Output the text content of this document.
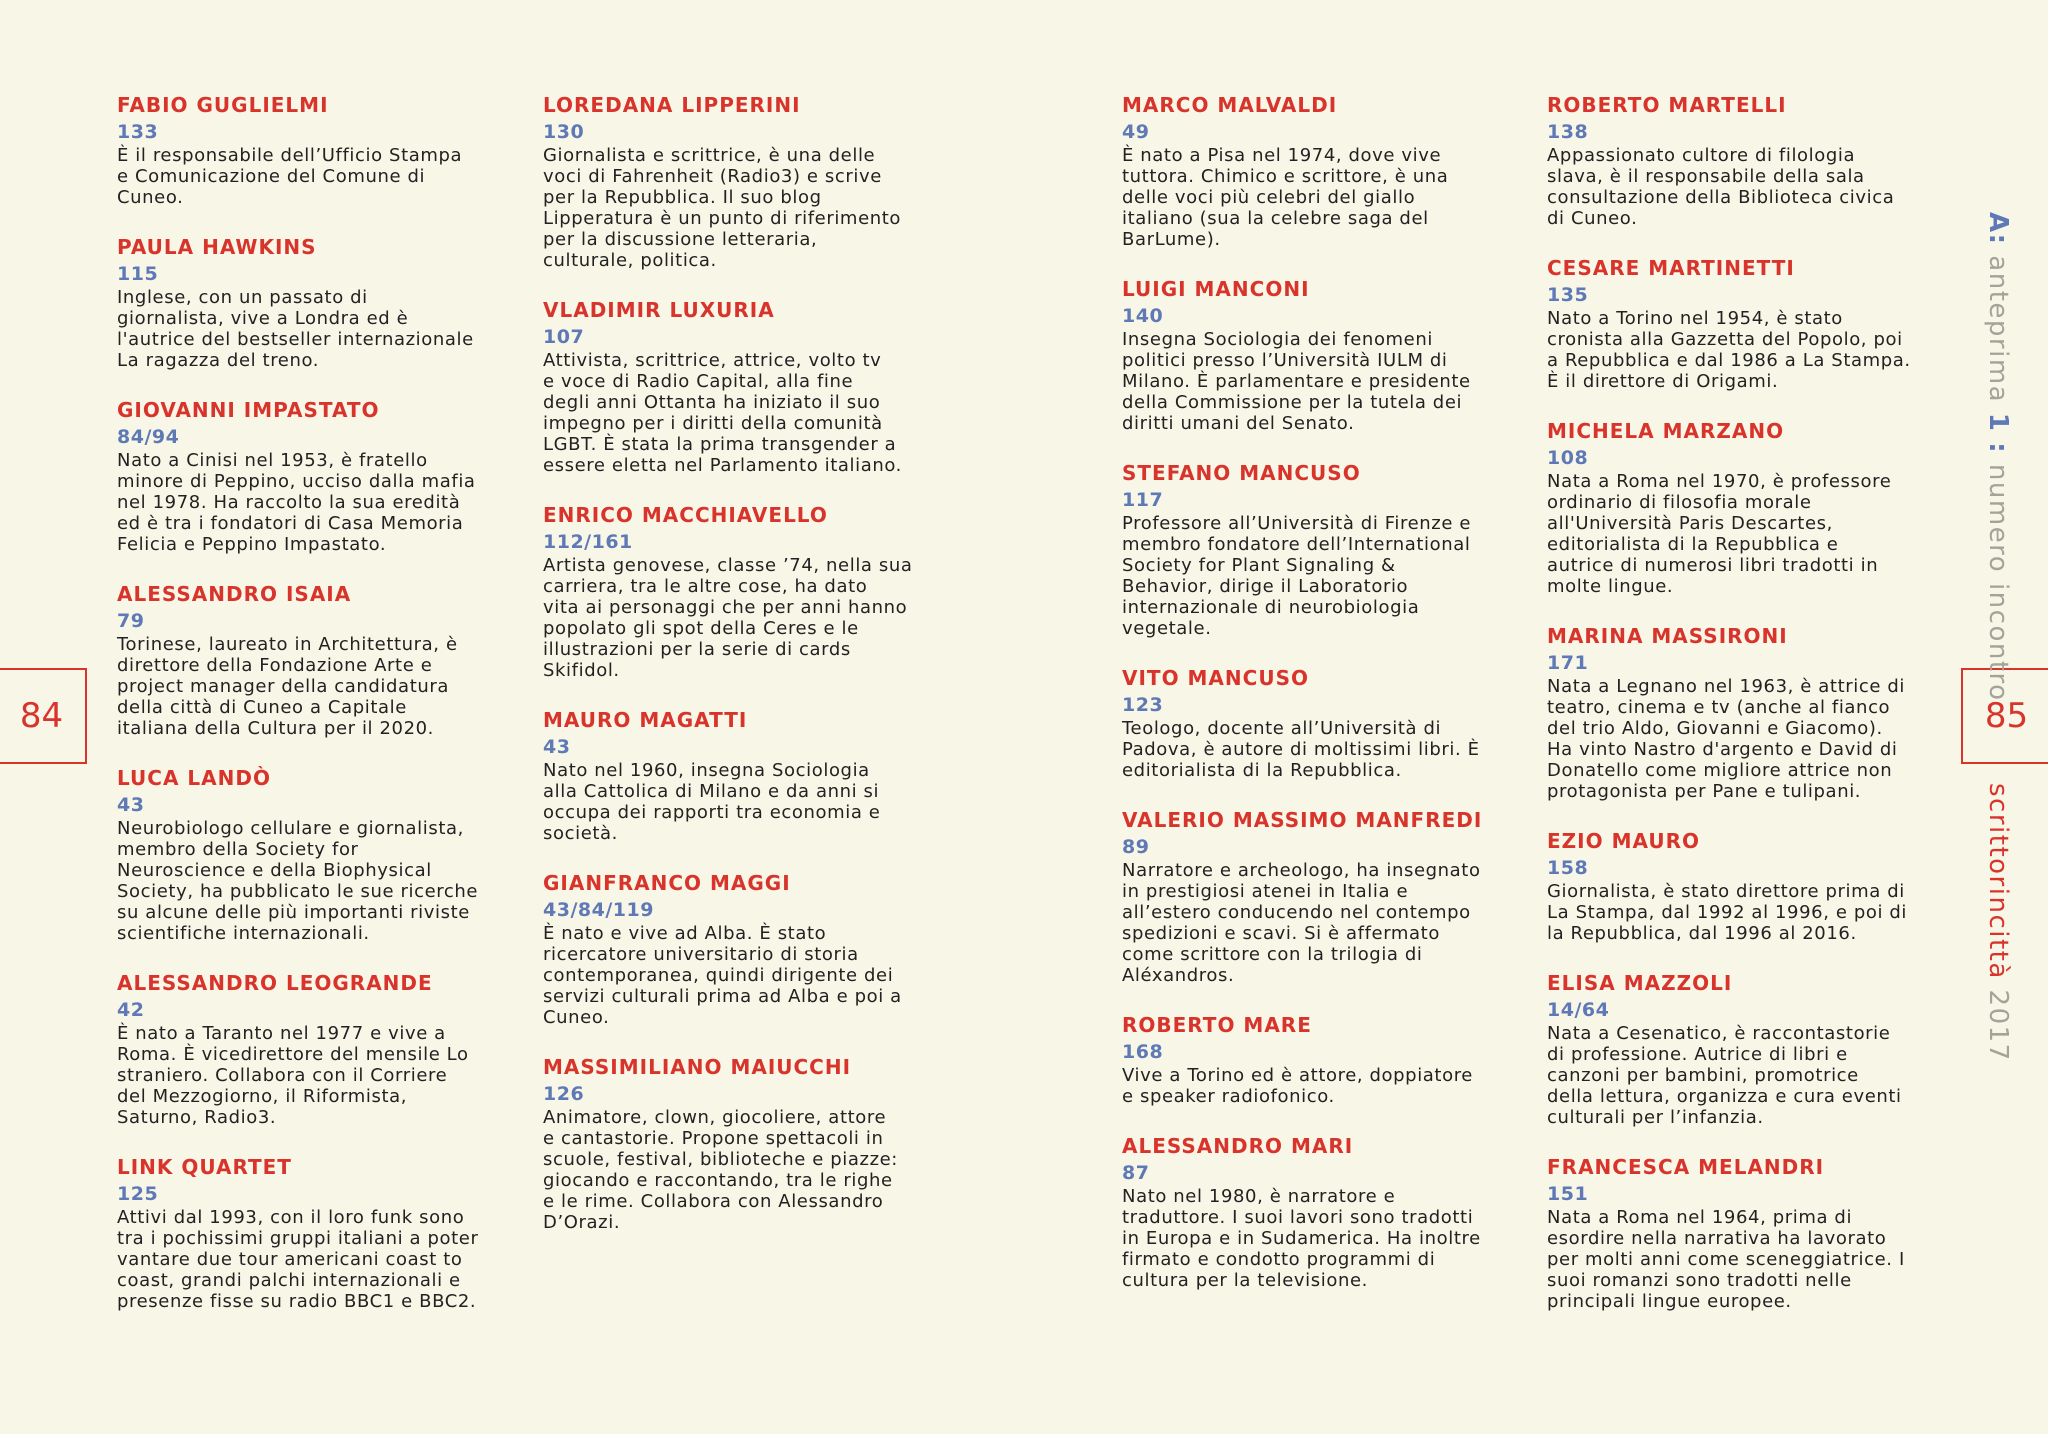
FABIO GUGLIELMI
133
È il responsabile dell’Ufficio Stampa
e Comunicazione del Comune di
Cuneo.
PAULA HAWKINS
115
Inglese, con un passato di
giornalista, vive a Londra ed è
l'autrice del bestseller internazionale
La ragazza del treno.
GIOVANNI IMPASTATO
84/94
Nato a Cinisi nel 1953, è fratello
minore di Peppino, ucciso dalla mafia
nel 1978. Ha raccolto la sua eredità
ed è tra i fondatori di Casa Memoria
Felicia e Peppino Impastato.
ALESSANDRO ISAIA
79
Torinese, laureato in Architettura, è
direttore della Fondazione Arte e
project manager della candidatura
della città di Cuneo a Capitale
italiana della Cultura per il 2020.
LUCA LANDÒ
43
Neurobiologo cellulare e giornalista,
membro della Society for
Neuroscience e della Biophysical
Society, ha pubblicato le sue ricerche
su alcune delle più importanti riviste
scientifiche internazionali.
ALESSANDRO LEOGRANDE
42
È nato a Taranto nel 1977 e vive a
Roma. È vicedirettore del mensile Lo
straniero. Collabora con il Corriere
del Mezzogiorno, il Riformista,
Saturno, Radio3.
LINK QUARTET
125
Attivi dal 1993, con il loro funk sono
tra i pochissimi gruppi italiani a poter
vantare due tour americani coast to
coast, grandi palchi internazionali e
presenze fisse su radio BBC1 e BBC2.
LOREDANA LIPPERINI
130
Giornalista e scrittrice, è una delle
voci di Fahrenheit (Radio3) e scrive
per la Repubblica. Il suo blog
Lipperatura è un punto di riferimento
per la discussione letteraria,
culturale, politica.
VLADIMIR LUXURIA
107
Attivista, scrittrice, attrice, volto tv
e voce di Radio Capital, alla fine
degli anni Ottanta ha iniziato il suo
impegno per i diritti della comunità
LGBT. È stata la prima transgender a
essere eletta nel Parlamento italiano.
ENRICO MACCHIAVELLO
112/161
Artista genovese, classe ’74, nella sua
carriera, tra le altre cose, ha dato
vita ai personaggi che per anni hanno
popolato gli spot della Ceres e le
illustrazioni per la serie di cards
Skifidol.
MAURO MAGATTI
43
Nato nel 1960, insegna Sociologia
alla Cattolica di Milano e da anni si
occupa dei rapporti tra economia e
società.
GIANFRANCO MAGGI
43/84/119
È nato e vive ad Alba. È stato
ricercatore universitario di storia
contemporanea, quindi dirigente dei
servizi culturali prima ad Alba e poi a
Cuneo.
MASSIMILIANO MAIUCCHI
126
Animatore, clown, giocoliere, attore
e cantastorie. Propone spettacoli in
scuole, festival, biblioteche e piazze:
giocando e raccontando, tra le righe
e le rime. Collabora con Alessandro
D’Orazi.
MARCO MALVALDI
49
È nato a Pisa nel 1974, dove vive
tuttora. Chimico e scrittore, è una
delle voci più celebri del giallo
italiano (sua la celebre saga del
BarLume).
LUIGI MANCONI
140
Insegna Sociologia dei fenomeni
politici presso l’Università IULM di
Milano. È parlamentare e presidente
della Commissione per la tutela dei
diritti umani del Senato.
STEFANO MANCUSO
117
Professore all’Università di Firenze e
membro fondatore dell’International
Society for Plant Signaling &
Behavior, dirige il Laboratorio
internazionale di neurobiologia
vegetale.
VITO MANCUSO
123
Teologo, docente all’Università di
Padova, è autore di moltissimi libri. È
editorialista di la Repubblica.
VALERIO MASSIMO MANFREDI
89
Narratore e archeologo, ha insegnato
in prestigiosi atenei in Italia e
all’estero conducendo nel contempo
spedizioni e scavi. Si è affermato
come scrittore con la trilogia di
Aléxandros.
ROBERTO MARE
168
Vive a Torino ed è attore, doppiatore
e speaker radiofonico.
ALESSANDRO MARI
87
Nato nel 1980, è narratore e
traduttore. I suoi lavori sono tradotti
in Europa e in Sudamerica. Ha inoltre
firmato e condotto programmi di
cultura per la televisione.
ROBERTO MARTELLI
138
Appassionato cultore di filologia
slava, è il responsabile della sala
consultazione della Biblioteca civica
di Cuneo.
CESARE MARTINETTI
135
Nato a Torino nel 1954, è stato
cronista alla Gazzetta del Popolo, poi
a Repubblica e dal 1986 a La Stampa.
È il direttore di Origami.
MICHELA MARZANO
108
Nata a Roma nel 1970, è professore
ordinario di filosofia morale
all'Università Paris Descartes,
editorialista di la Repubblica e
autrice di numerosi libri tradotti in
molte lingue.
MARINA MASSIRONI
171
Nata a Legnano nel 1963, è attrice di
teatro, cinema e tv (anche al fianco
del trio Aldo, Giovanni e Giacomo).
Ha vinto Nastro d'argento e David di
Donatello come migliore attrice non
protagonista per Pane e tulipani.
EZIO MAURO
158
Giornalista, è stato direttore prima di
La Stampa, dal 1992 al 1996, e poi di
la Repubblica, dal 1996 al 2016.
ELISA MAZZOLI
14/64
Nata a Cesenatico, è raccontastorie
di professione. Autrice di libri e
canzoni per bambini, promotrice
della lettura, organizza e cura eventi
culturali per l’infanzia.
FRANCESCA MELANDRI
151
Nata a Roma nel 1964, prima di
esordire nella narrativa ha lavorato
per molti anni come sceneggiatrice. I
suoi romanzi sono tradotti nelle
principali lingue europee.
84	85
A: anteprima 1 : numero incontro
scrittorincittà 2017
